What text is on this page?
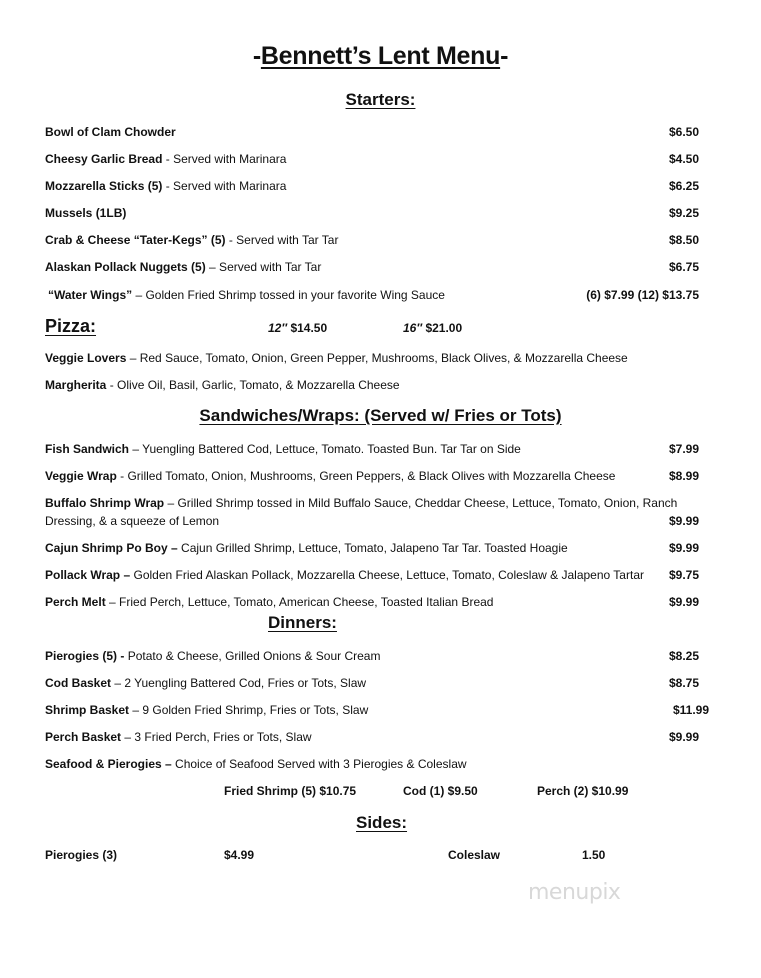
-Bennett’s Lent Menu-
Starters:
Bowl of Clam Chowder	$6.50
Cheesy Garlic Bread - Served with Marinara	$4.50
Mozzarella Sticks (5) - Served with Marinara	$6.25
Mussels (1LB)	$9.25
Crab & Cheese “Tater-Kegs” (5) - Served with Tar Tar	$8.50
Alaskan Pollack Nuggets (5) – Served with Tar Tar	$6.75
“Water Wings” – Golden Fried Shrimp tossed in your favorite Wing Sauce	(6) $7.99 (12) $13.75
Pizza:	12″ $14.50	16″ $21.00
Veggie Lovers – Red Sauce, Tomato, Onion, Green Pepper, Mushrooms, Black Olives, & Mozzarella Cheese
Margherita - Olive Oil, Basil, Garlic, Tomato, & Mozzarella Cheese
Sandwiches/Wraps: (Served w/ Fries or Tots)
Fish Sandwich – Yuengling Battered Cod, Lettuce, Tomato. Toasted Bun. Tar Tar on Side	$7.99
Veggie Wrap - Grilled Tomato, Onion, Mushrooms, Green Peppers, & Black Olives with Mozzarella Cheese	$8.99
Buffalo Shrimp Wrap – Grilled Shrimp tossed in Mild Buffalo Sauce, Cheddar Cheese, Lettuce, Tomato, Onion, Ranch
Dressing, & a squeeze of Lemon	$9.99
Cajun Shrimp Po Boy – Cajun Grilled Shrimp, Lettuce, Tomato, Jalapeno Tar Tar. Toasted Hoagie	$9.99
Pollack Wrap – Golden Fried Alaskan Pollack, Mozzarella Cheese, Lettuce, Tomato, Coleslaw & Jalapeno Tartar $9.75
Perch Melt – Fried Perch, Lettuce, Tomato, American Cheese, Toasted Italian Bread	$9.99
Dinners:
Pierogies (5) - Potato & Cheese, Grilled Onions & Sour Cream	$8.25
Cod Basket – 2 Yuengling Battered Cod, Fries or Tots, Slaw	$8.75
Shrimp Basket – 9 Golden Fried Shrimp, Fries or Tots, Slaw	$11.99
Perch Basket – 3 Fried Perch, Fries or Tots, Slaw	$9.99
Seafood & Pierogies – Choice of Seafood Served with 3 Pierogies & Coleslaw
Fried Shrimp (5) $10.75	Cod (1) $9.50	Perch (2) $10.99
Sides:
Pierogies (3)	$4.99	Coleslaw	1.50
menupix
